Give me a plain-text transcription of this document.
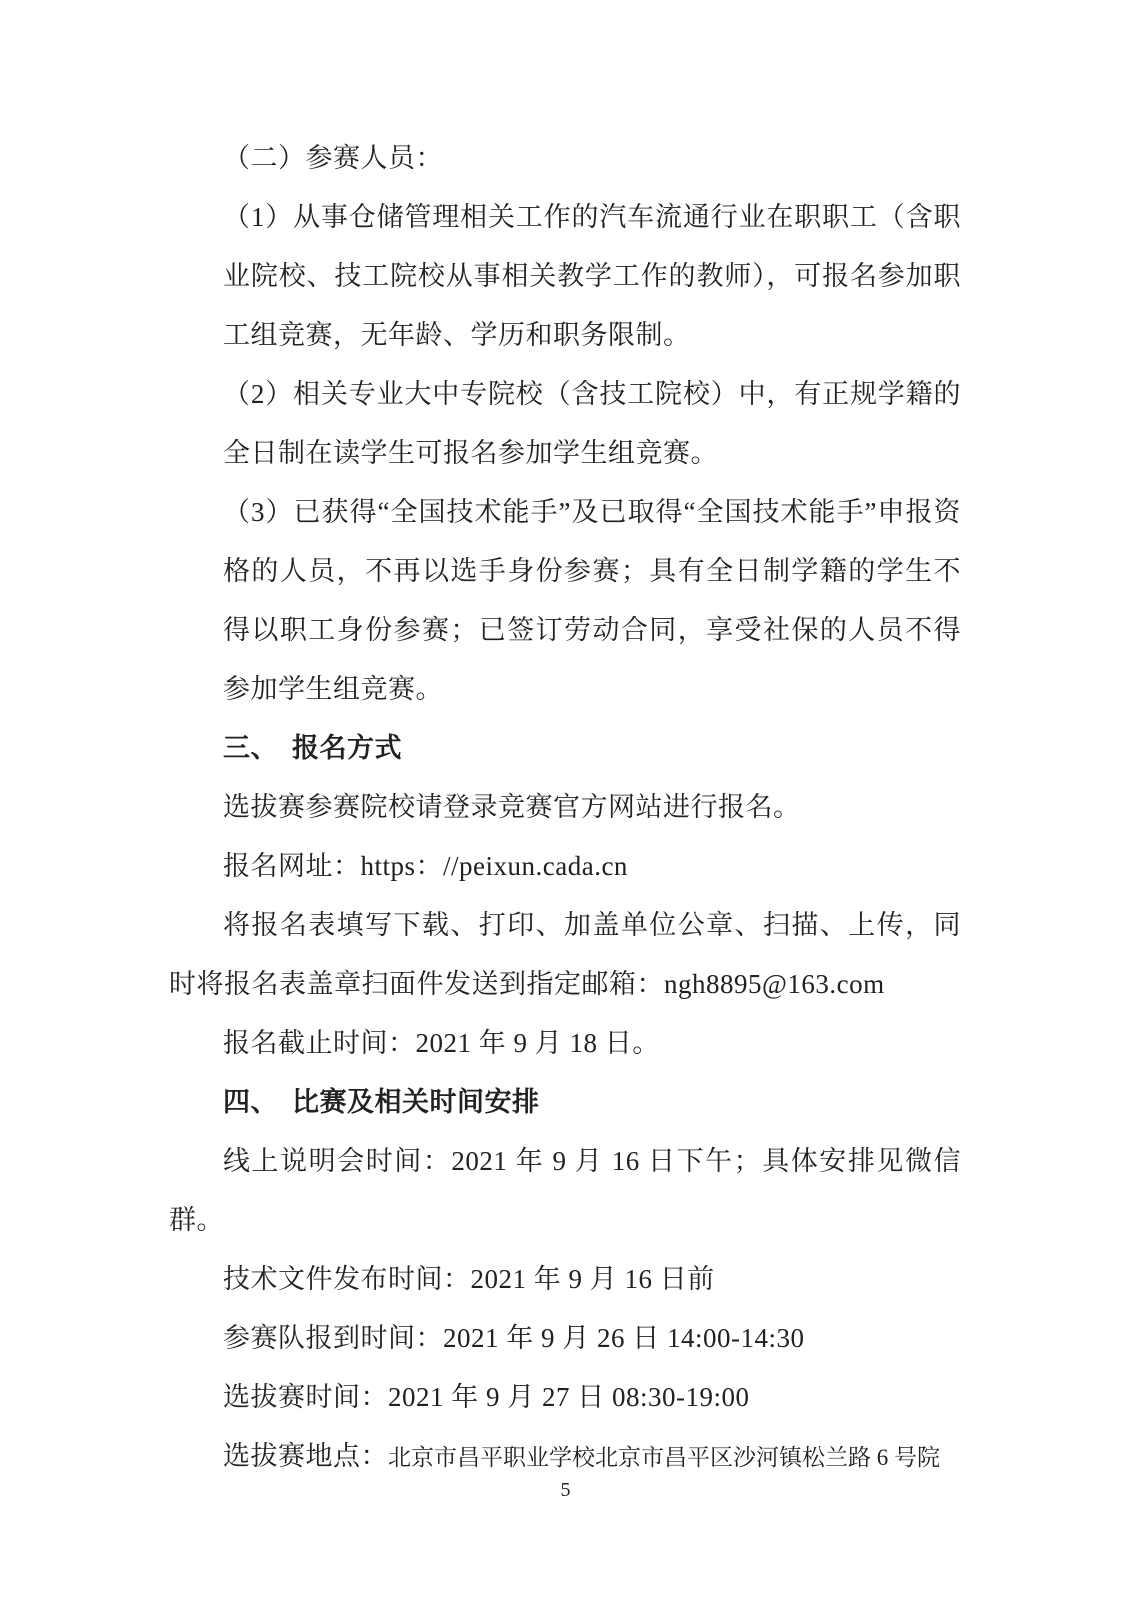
（二）参赛人员：

（1）从事仓储管理相关工作的汽车流通行业在职职工（含职业院校、技工院校从事相关教学工作的教师），可报名参加职工组竞赛，无年龄、学历和职务限制。

（2）相关专业大中专院校（含技工院校）中，有正规学籍的全日制在读学生可报名参加学生组竞赛。

（3）已获得“全国技术能手”及已取得“全国技术能手”申报资格的人员，不再以选手身份参赛；具有全日制学籍的学生不得以职工身份参赛；已签订劳动合同，享受社保的人员不得参加学生组竞赛。

三、　报名方式

选拔赛参赛院校请登录竞赛官方网站进行报名。

报名网址：https：//peixun.cada.cn

将报名表填写下载、打印、加盖单位公章、扫描、上传，同时将报名表盖章扫面件发送到指定邮箱：ngh8895@163.com

报名截止时间：2021 年 9 月 18 日。

四、　比赛及相关时间安排

线上说明会时间：2021 年 9 月 16 日下午；具体安排见微信群。

技术文件发布时间：2021 年 9 月 16 日前

参赛队报到时间：2021 年 9 月 26 日 14:00-14:30

选拔赛时间：2021 年 9 月 27 日 08:30-19:00

选拔赛地点：北京市昌平职业学校北京市昌平区沙河镇松兰路 6 号院

5
